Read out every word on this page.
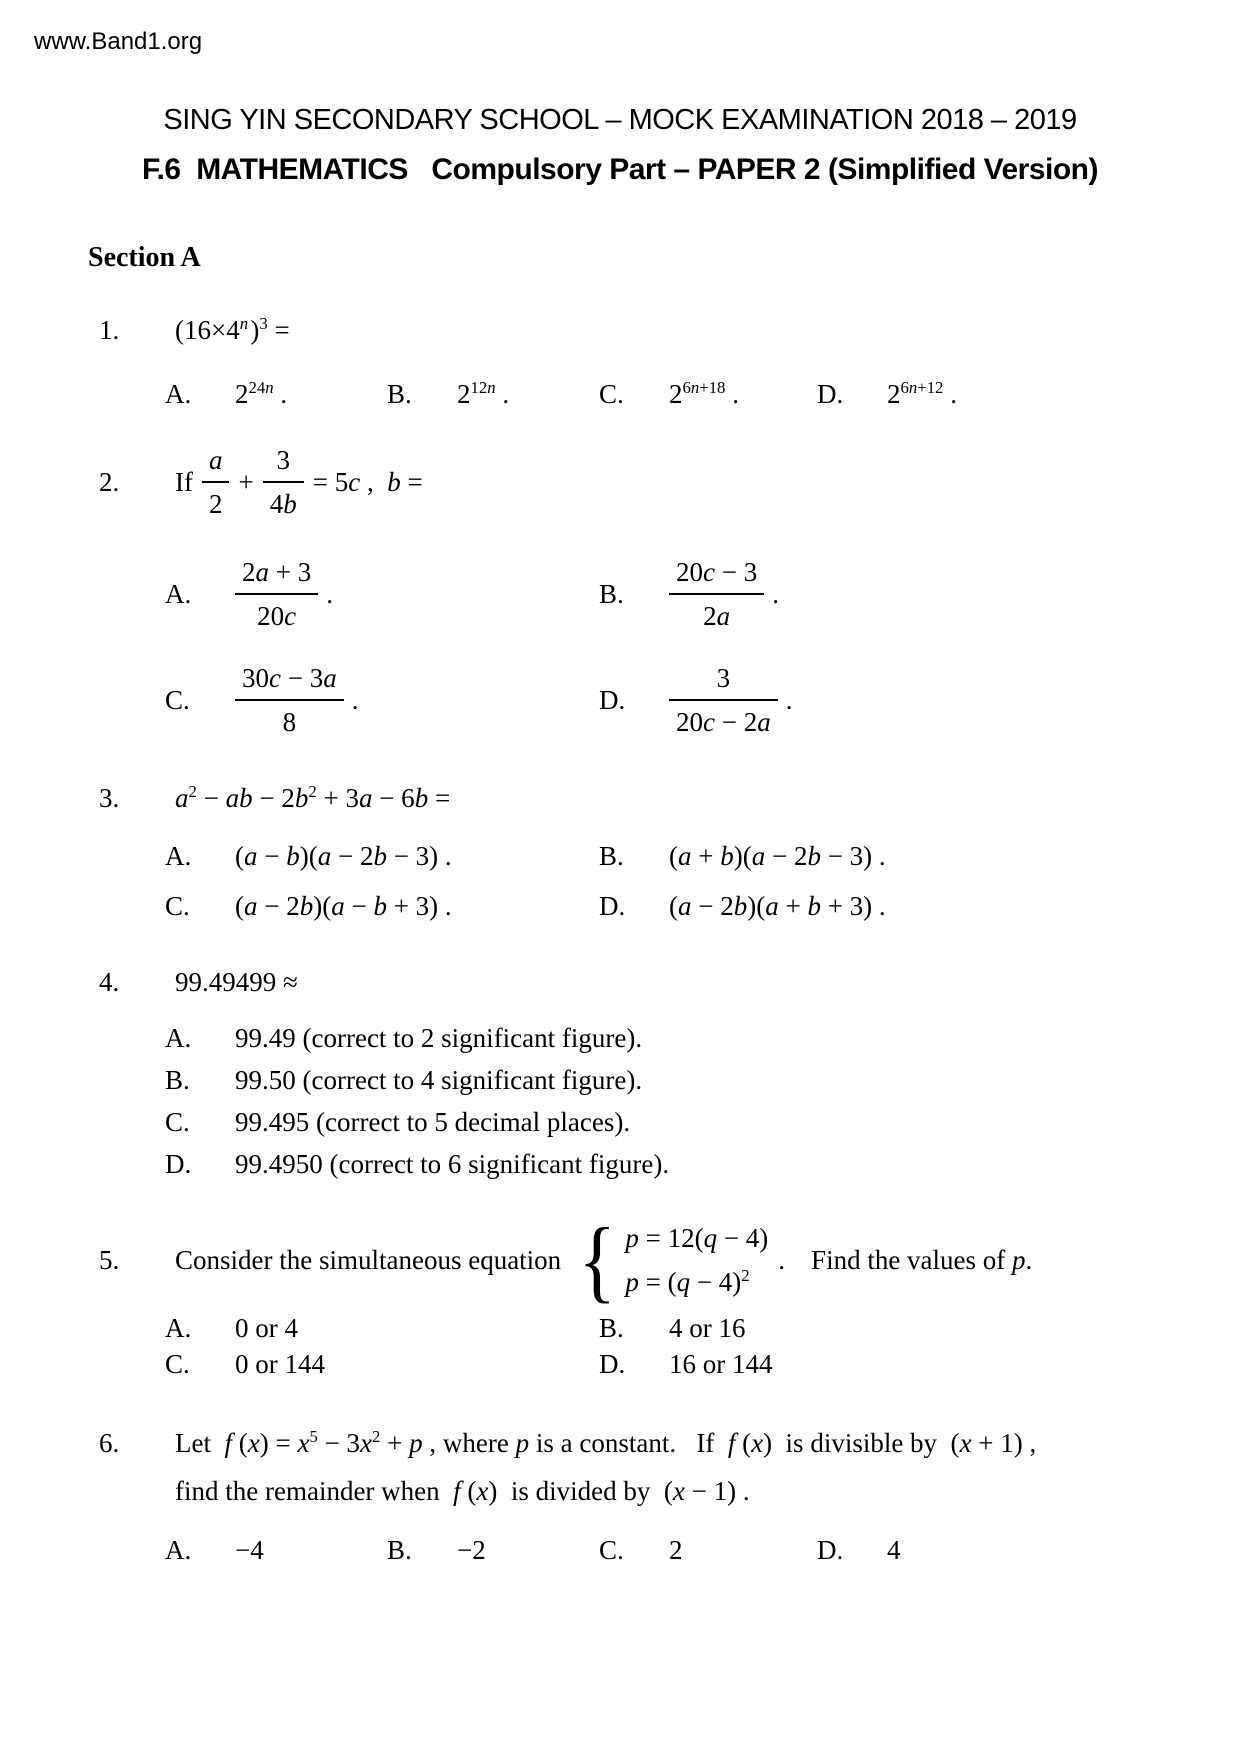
www.Band1.org
SING YIN SECONDARY SCHOOL – MOCK EXAMINATION 2018 – 2019
F.6  MATHEMATICS   Compulsory Part – PAPER 2 (Simplified Version)
Section A
1.	($16\times 4^n$ )$^3$ =
A.	$2^{24n}$ .	B.	$2^{12n}$ .	C.	$2^{6n+18}$ .	D.	$2^{6n+12}$ .
2.	If $\frac{a}{2} + \frac{3}{4b} = 5c$ ,  b =
A.	$\frac{2a + 3}{20c}$ .	B.	$\frac{20c - 3}{2a}$ .
C.	$\frac{30c - 3a}{8}$ .	D.	$\frac{3}{20c - 2a}$ .
3.	$a^2$ − ab − $2b^2 + 3a - 6b$ =
A.	(a − b)(a − 2b − 3) .	B.	(a + b)(a − 2b − 3) .
C.	(a − 2b)(a − b + 3) .	D.	(a − 2b)(a + b + 3) .
4.	99.49499 ≈
A.	99.49 (correct to 2 significant figure).
B.	99.50 (correct to 4 significant figure).
C.	99.495 (correct to 5 decimal places).
D.	99.4950 (correct to 6 significant figure).
5.	Consider the simultaneous equation { p = 12(q − 4)
$p = (q - 4)^2$
. Find the values of p.
A.	0 or 4	B.	4 or 16
C.	0 or 144	D.	16 or 144
6.	Let  f $(x) = x^5 - 3x^2 + p$ , where p is a constant.   If  f (x)  is divisible by  (x + 1) ,
find the remainder when  f (x)  is divided by  (x − 1) .
A.	−4	B.	−2	C.	2	D.	4
